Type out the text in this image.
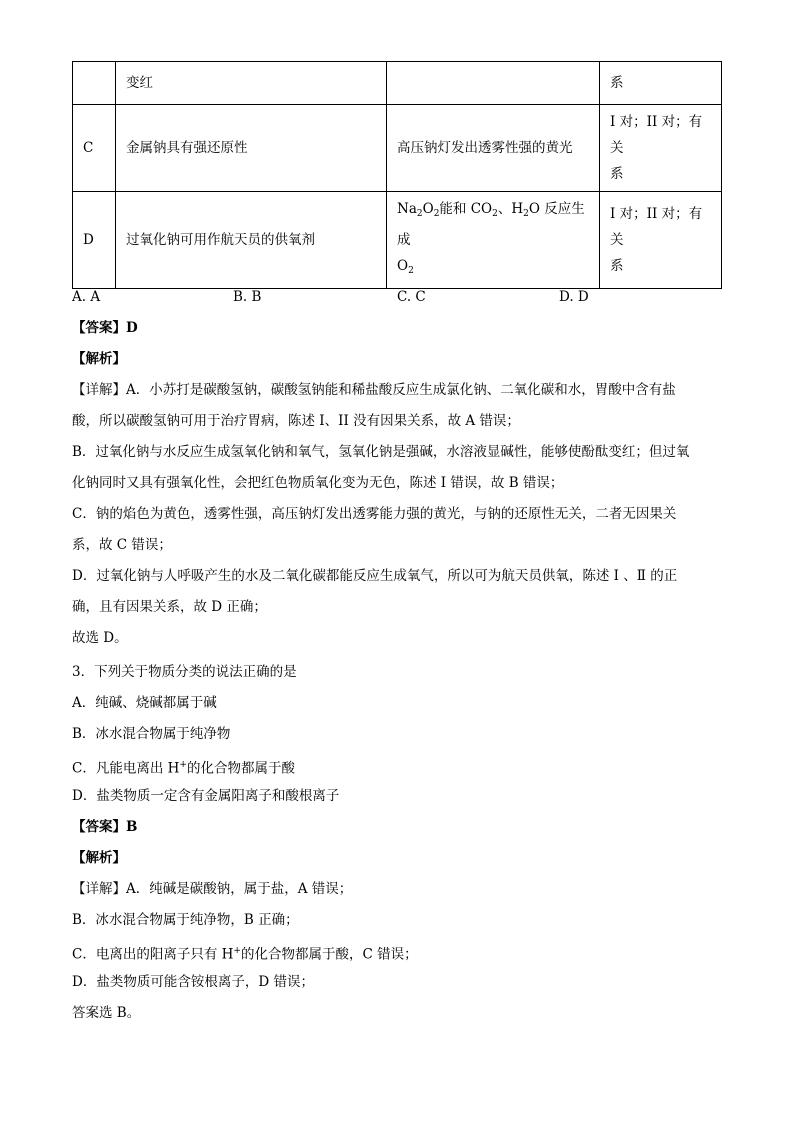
	变红		系
C	金属钠具有强还原性	高压钠灯发出透雾性强的黄光	I 对；II 对；有关
系
D	过氧化钠可用作航天员的供氧剂	$Na_2O_2$能和 $CO_2$、$H_2O$ 反应生成
$O_2$	I 对；II 对；有关
系
A. A	B. B	C. C	D. D
【答案】D
【解析】
【详解】A．小苏打是碳酸氢钠，碳酸氢钠能和稀盐酸反应生成氯化钠、二氧化碳和水，胃酸中含有盐
酸，所以碳酸氢钠可用于治疗胃病，陈述 I、II 没有因果关系，故 A 错误；
B．过氧化钠与水反应生成氢氧化钠和氧气，氢氧化钠是强碱，水溶液显碱性，能够使酚酞变红；但过氧
化钠同时又具有强氧化性，会把红色物质氧化变为无色，陈述 I 错误，故 B 错误；
C．钠的焰色为黄色，透雾性强，高压钠灯发出透雾能力强的黄光，与钠的还原性无关，二者无因果关
系，故 C 错误；
D．过氧化钠与人呼吸产生的水及二氧化碳都能反应生成氧气，所以可为航天员供氧，陈述 Ⅰ 、Ⅱ 的正
确，且有因果关系，故 D 正确；
故选 D。
3．下列关于物质分类的说法正确的是
A．纯碱、烧碱都属于碱
B．冰水混合物属于纯净物
C．凡能电离出 H+的化合物都属于酸
D．盐类物质一定含有金属阳离子和酸根离子
【答案】B
【解析】
【详解】A．纯碱是碳酸钠，属于盐，A 错误；
B．冰水混合物属于纯净物，B 正确；
C．电离出的阳离子只有 H+的化合物都属于酸，C 错误；
D．盐类物质可能含铵根离子，D 错误；
答案选 B。
